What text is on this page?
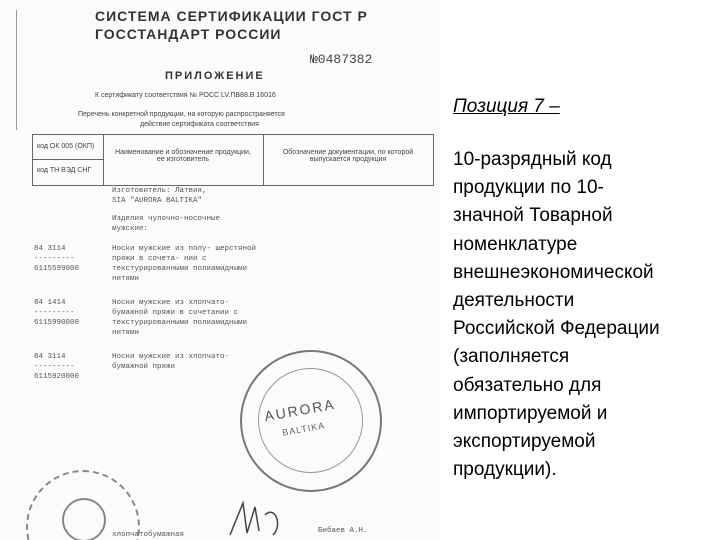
СИСТЕМА СЕРТИФИКАЦИИ ГОСТ Р
ГОССТАНДАРТ РОССИИ
№0487382
ПРИЛОЖЕНИЕ
К сертификату соответствия № РОСС LV.ПВ88.В 16016
Перечень конкретной продукции, на которую распространяется
действие сертификата соответствия
код ОК 005 (ОКП)
код ТН ВЭД СНГ
Наименование и обозначение продукции, ее изготовитель
Обозначение документации, по которой выпускается продукция
Изготовитель: Латвия,
SIA "AURORA BALTIKA"
Изделия чулочно-носочные
мужские:
84 3114
---------
6115599000
Носки мужские из полу- шерстяной пряжи в сочета- нии с текстурированными полиамидными нитями
84 1414
---------
6115990000
Носки мужские из хлопчато- бумажной пряжи в сочетании с текстурированными полиамидными нитями
84 3114
---------
6115920000
Носки мужские из хлопчато- бумажной пряжи
AURORA
BALTIKA
Бибаев А.Н.
хлопчатобумажная
Позиция 7 –
10-разрядный код
продукции по 10-
значной Товарной
номенклатуре
внешнеэкономической
деятельности
Российской Федерации
(заполняется
обязательно для
импортируемой и
экспортируемой
продукции).
